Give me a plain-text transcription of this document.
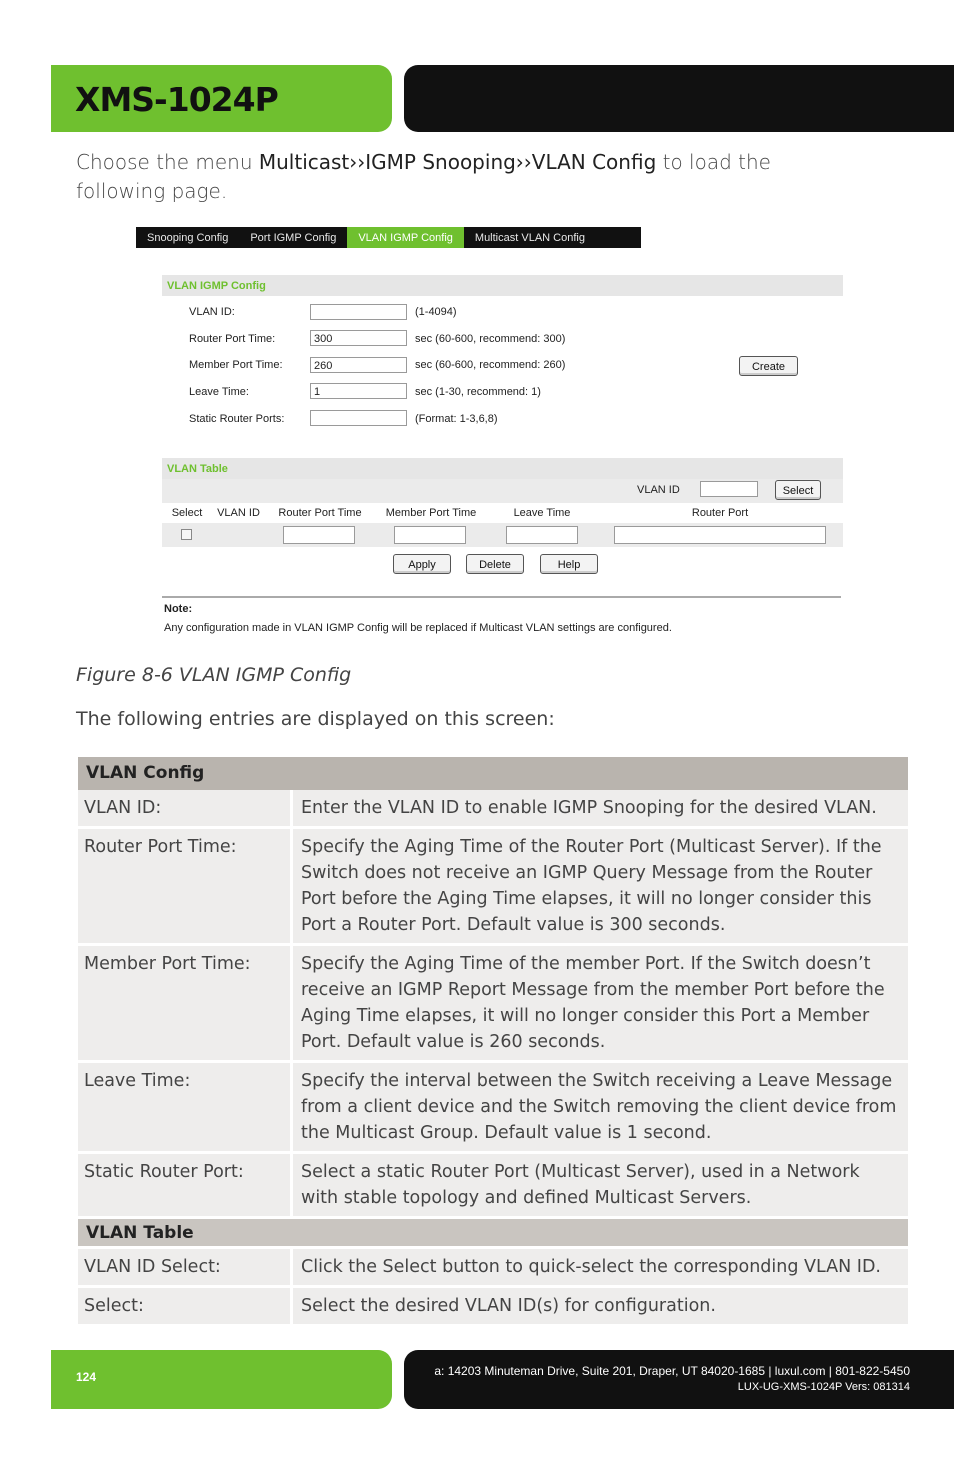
XMS-1024P
Choose the menu Multicast››IGMP Snooping››VLAN Config to load the following page.
Snooping Config	Port IGMP Config	VLAN IGMP Config	Multicast VLAN Config
VLAN IGMP Config
VLAN ID:	(1-4094)
Router Port Time:	300	sec (60-600, recommend: 300)
Member Port Time:	260	sec (60-600, recommend: 260)
Leave Time:	1	sec (1-30, recommend: 1)
Static Router Ports:	(Format: 1-3,6,8)
Create
VLAN Table
VLAN ID	Select
Select	VLAN ID	Router Port Time	Member Port Time	Leave Time	Router Port
Apply	Delete	Help
Note:
Any configuration made in VLAN IGMP Config will be replaced if Multicast VLAN settings are configured.
Figure 8-6 VLAN IGMP Config
The following entries are displayed on this screen:
VLAN Config
VLAN ID:	Enter the VLAN ID to enable IGMP Snooping for the desired VLAN.
Router Port Time:	Specify the Aging Time of the Router Port (Multicast Server). If the Switch does not receive an IGMP Query Message from the Router Port before the Aging Time elapses, it will no longer consider this Port a Router Port. Default value is 300 seconds.
Member Port Time:	Specify the Aging Time of the member Port. If the Switch doesn’t receive an IGMP Report Message from the member Port before the Aging Time elapses, it will no longer consider this Port a Member Port. Default value is 260 seconds.
Leave Time:	Specify the interval between the Switch receiving a Leave Message from a client device and the Switch removing the client device from the Multicast Group. Default value is 1 second.
Static Router Port:	Select a static Router Port (Multicast Server), used in a Network with stable topology and defined Multicast Servers.
VLAN Table
VLAN ID Select:	Click the Select button to quick-select the corresponding VLAN ID.
Select:	Select the desired VLAN ID(s) for configuration.
124	a: 14203 Minuteman Drive, Suite 201, Draper, UT 84020-1685 | luxul.com | 801-822-5450
LUX-UG-XMS-1024P Vers: 081314
